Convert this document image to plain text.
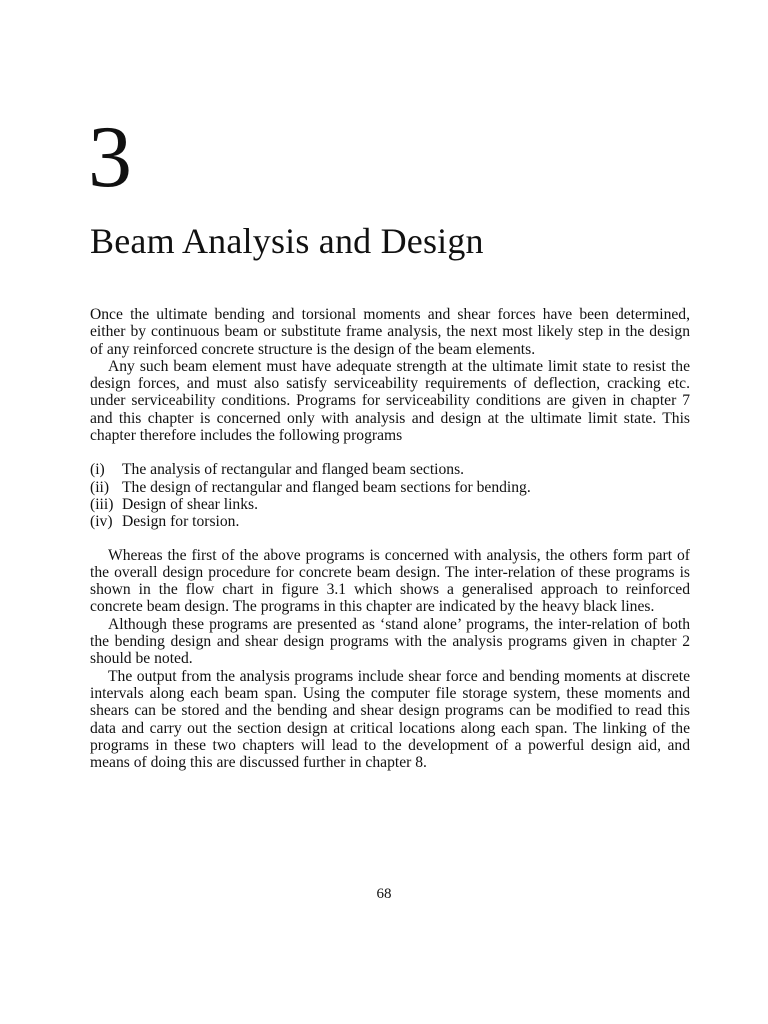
3
Beam Analysis and Design

Once the ultimate bending and torsional moments and shear forces have been determined, either by continuous beam or substitute frame analysis, the next most likely step in the design of any reinforced concrete structure is the design of the beam elements.

Any such beam element must have adequate strength at the ultimate limit state to resist the design forces, and must also satisfy serviceability requirements of deflection, cracking etc. under serviceability conditions. Programs for serviceability conditions are given in chapter 7 and this chapter is concerned only with analysis and design at the ultimate limit state. This chapter therefore includes the following programs

(i) The analysis of rectangular and flanged beam sections.
(ii) The design of rectangular and flanged beam sections for bending.
(iii) Design of shear links.
(iv) Design for torsion.

Whereas the first of the above programs is concerned with analysis, the others form part of the overall design procedure for concrete beam design. The inter-relation of these programs is shown in the flow chart in figure 3.1 which shows a generalised approach to reinforced concrete beam design. The programs in this chapter are indicated by the heavy black lines.

Although these programs are presented as ‘stand alone’ programs, the inter-relation of both the bending design and shear design programs with the analysis programs given in chapter 2 should be noted.

The output from the analysis programs include shear force and bending moments at discrete intervals along each beam span. Using the computer file storage system, these moments and shears can be stored and the bending and shear design programs can be modified to read this data and carry out the section design at critical locations along each span. The linking of the programs in these two chapters will lead to the development of a powerful design aid, and means of doing this are discussed further in chapter 8.

68
